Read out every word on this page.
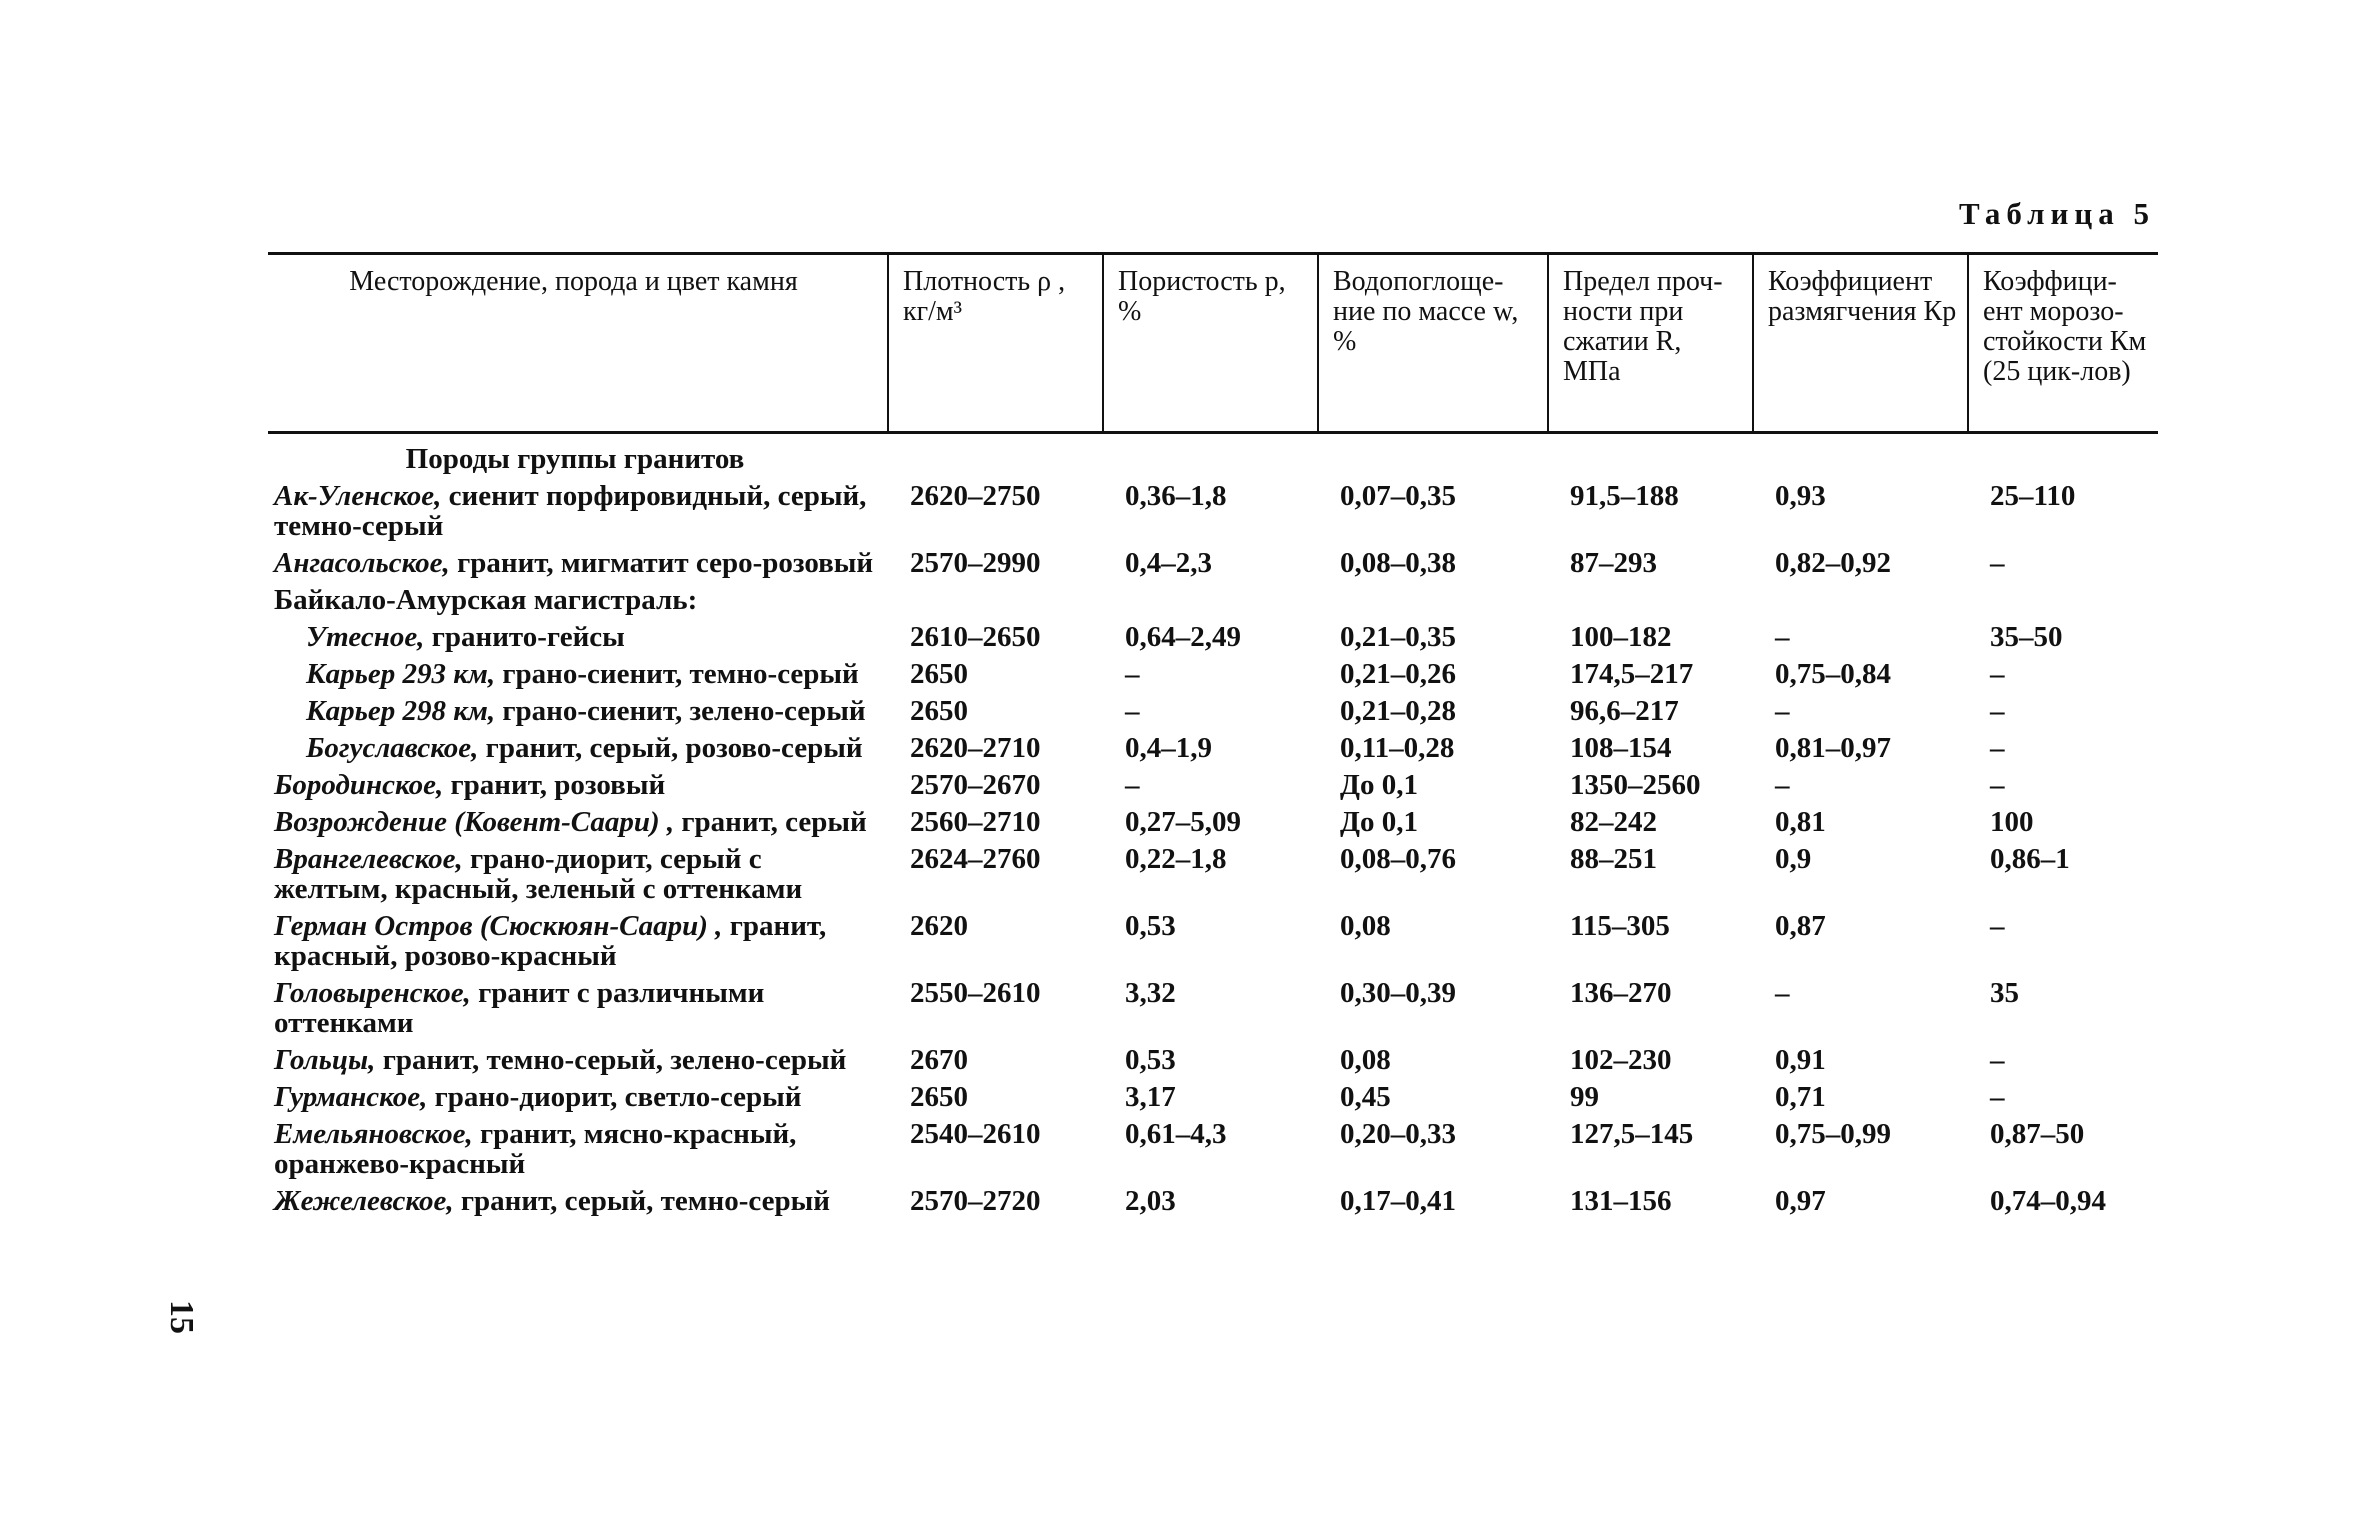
Таблица 5
15
Месторождение, порода и цвет камня	Плотность ρ , кг/м³	Пористость р, %	Водопоглоще-ние по массе w, %	Предел проч-ности при сжатии R, МПа	Коэффициент размягчения Кр	Коэффици-ент морозо-стойкости Км (25 цик-лов)
Породы группы гранитов						
Ак-Уленское, сиенит порфировидный, серый, темно-серый	2620–2750	0,36–1,8	0,07–0,35	91,5–188	0,93	25–110
Ангасольское, гранит, мигматит серо-розовый	2570–2990	0,4–2,3	0,08–0,38	87–293	0,82–0,92	–
Байкало-Амурская магистраль:						
Утесное, гранито-гейсы	2610–2650	0,64–2,49	0,21–0,35	100–182	–	35–50
Карьер 293 км, грано-сиенит, темно-серый	2650	–	0,21–0,26	174,5–217	0,75–0,84	–
Карьер 298 км, грано-сиенит, зелено-серый	2650	–	0,21–0,28	96,6–217	–	–
Богуславское, гранит, серый, розово-серый	2620–2710	0,4–1,9	0,11–0,28	108–154	0,81–0,97	–
Бородинское, гранит, розовый	2570–2670	–	До 0,1	1350–2560	–	–
Возрождение (Ковент-Саари) , гранит, серый	2560–2710	0,27–5,09	До 0,1	82–242	0,81	100
Врангелевское, грано-диорит, серый с желтым, красный, зеленый с оттенками	2624–2760	0,22–1,8	0,08–0,76	88–251	0,9	0,86–1
Герман Остров (Сюскюян-Саари) , гранит, красный, розово-красный	2620	0,53	0,08	115–305	0,87	–
Головыренское, гранит с различными оттенками	2550–2610	3,32	0,30–0,39	136–270	–	35
Гольцы, гранит, темно-серый, зелено-серый	2670	0,53	0,08	102–230	0,91	–
Гурманское, грано-диорит, светло-серый	2650	3,17	0,45	99	0,71	–
Емельяновское, гранит, мясно-красный, оранжево-красный	2540–2610	0,61–4,3	0,20–0,33	127,5–145	0,75–0,99	0,87–50
Жежелевское, гранит, серый, темно-серый	2570–2720	2,03	0,17–0,41	131–156	0,97	0,74–0,94
